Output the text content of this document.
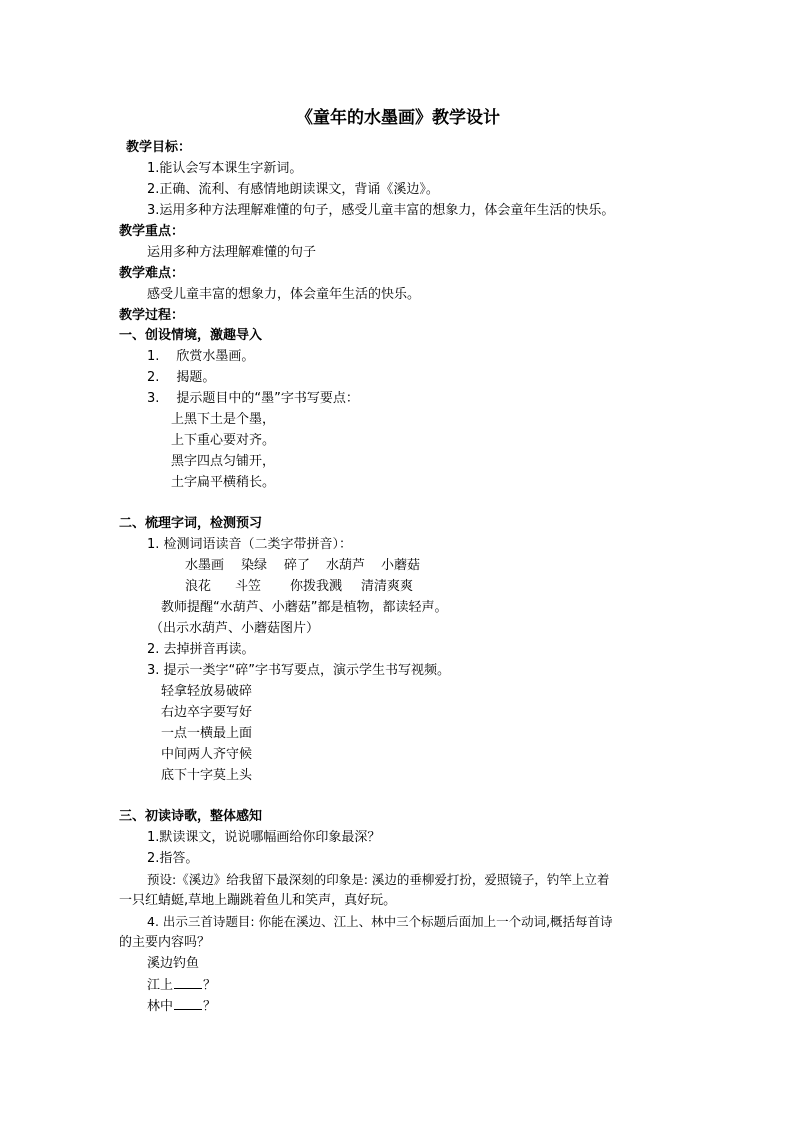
《童年的水墨画》教学设计
教学目标：
1.能认会写本课生字新词。
2.正确、流利、有感情地朗读课文，背诵《溪边》。
3.运用多种方法理解难懂的句子，感受儿童丰富的想象力，体会童年生活的快乐。
教学重点：
运用多种方法理解难懂的句子
教学难点：
感受儿童丰富的想象力，体会童年生活的快乐。
教学过程：
一、创设情境，激趣导入
1. 欣赏水墨画。
2. 揭题。
3. 提示题目中的“墨”字书写要点：
上黑下土是个墨，
上下重心要对齐。
黑字四点匀铺开，
土字扁平横稍长。
二、梳理字词，检测预习
1. 检测词语读音（二类字带拼音）：
水墨画 染绿 碎了 水葫芦 小蘑菇
浪花 斗笠 你拨我溅 清清爽爽
教师提醒“水葫芦、小蘑菇”都是植物，都读轻声。
（出示水葫芦、小蘑菇图片）
2. 去掉拼音再读。
3. 提示一类字“碎”字书写要点，演示学生书写视频。
轻拿轻放易破碎
右边卒字要写好
一点一横最上面
中间两人齐守候
底下十字莫上头
三、初读诗歌，整体感知
1.默读课文，说说哪幅画给你印象最深？
2.指答。
预设:《溪边》给我留下最深刻的印象是: 溪边的垂柳爱打扮，爱照镜子，钓竿上立着
一只红蜻蜓,草地上蹦跳着鱼儿和笑声，真好玩。
4. 出示三首诗题目: 你能在溪边、江上、林中三个标题后面加上一个动词,概括每首诗
的主要内容吗？
溪边钓鱼
江上 ？
林中 ？
